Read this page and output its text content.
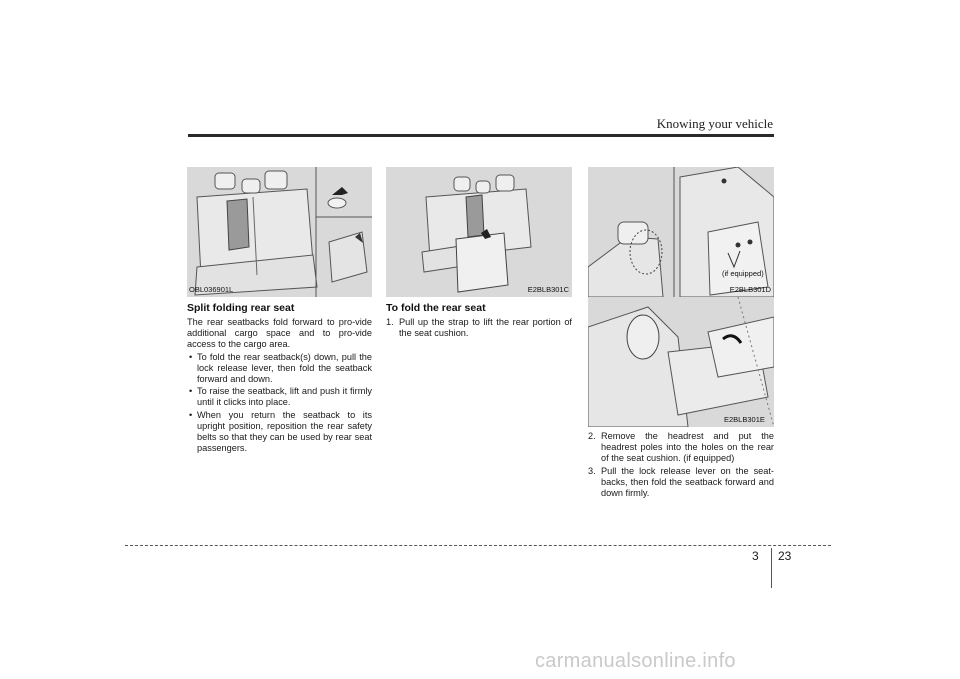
Knowing your vehicle
OBL036901L
Split folding rear seat

The rear seatbacks fold forward to pro-vide additional cargo space and to pro-vide access to the cargo area.

• To fold the rear seatback(s) down, pull the lock release lever, then fold the seatback forward and down.
• To raise the seatback, lift and push it firmly until it clicks into place.
• When you return the seatback to its upright position, reposition the rear safety belts so that they can be used by rear seat passengers.
E2BLB301C
To fold the rear seat
1. Pull up the strap to lift the rear portion of the seat cushion.
(if equipped)
E2BLB301D
E2BLB301E
2. Remove the headrest and put the headrest poles into the holes on the rear of the seat cushion. (if equipped)
3. Pull the lock release lever on the seat-backs, then fold the seatback forward and down firmly.
3 23
carmanualsonline.info
